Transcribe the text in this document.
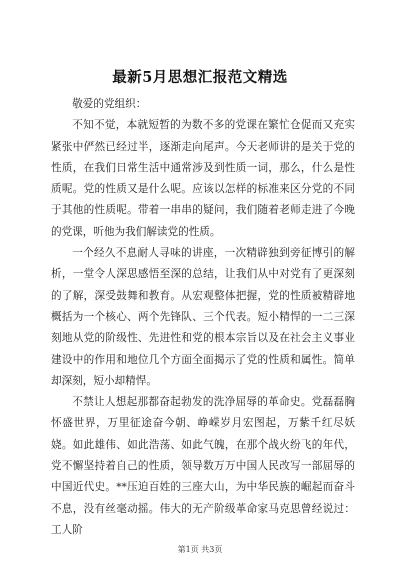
最新5月思想汇报范文精选

敬爱的党组织：

不知不觉，本就短暂的为数不多的党课在繁忙仓促而又充实紧张中俨然已经过半，逐渐走向尾声。今天老师讲的是关于党的性质，在我们日常生活中通常涉及到性质一词，那么，什么是性质呢。党的性质又是什么呢。应该以怎样的标准来区分党的不同于其他的性质呢。带着一串串的疑问，我们随着老师走进了今晚的党课，听他为我们解读党的性质。

一个经久不息耐人寻味的讲座，一次精辟独到旁征博引的解析，一堂令人深思感悟至深的总结，让我们从中对党有了更深刻的了解，深受鼓舞和教育。从宏观整体把握，党的性质被精辟地概括为一个核心、两个先锋队、三个代表。短小精悍的一二三深刻地从党的阶级性、先进性和党的根本宗旨以及在社会主义事业建设中的作用和地位几个方面全面揭示了党的性质和属性。简单却深刻，短小却精悍。

不禁让人想起那都奋起勃发的洗净屈辱的革命史。党磊磊胸怀盛世界，万里征途奋今朝、峥嵘岁月宏图起，万紫千红尽妖娆。如此雄伟、如此浩荡、如此气魄，在那个战火纷飞的年代，党不懈坚持着自己的性质，领导数万万中国人民改写一部屈辱的中国近代史。**压迫百姓的三座大山，为中华民族的崛起而奋斗不息，没有丝毫动摇。伟大的无产阶级革命家马克思曾经说过：工人阶

第1页 共3页
